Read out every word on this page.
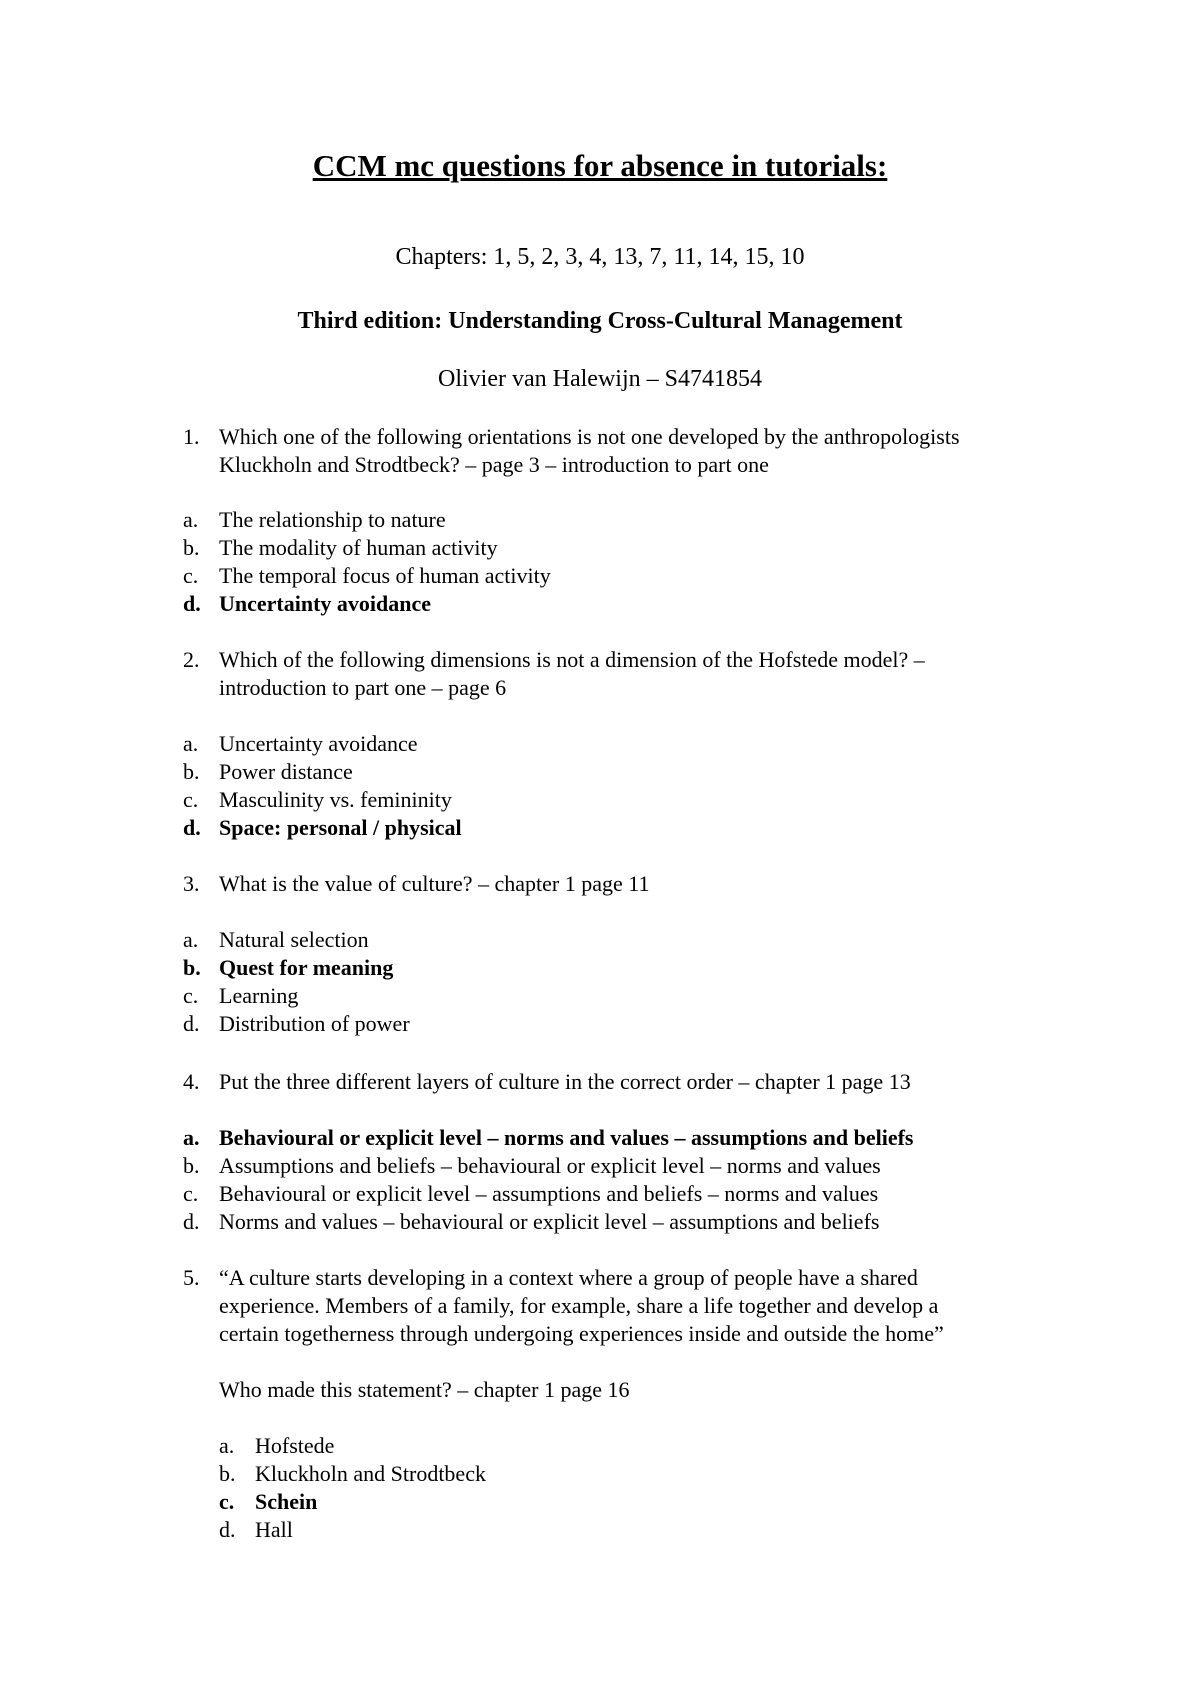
CCM mc questions for absence in tutorials:
Chapters: 1, 5, 2, 3, 4, 13, 7, 11, 14, 15, 10
Third edition: Understanding Cross-Cultural Management
Olivier van Halewijn – S4741854
1. Which one of the following orientations is not one developed by the anthropologists
Kluckholn and Strodtbeck? – page 3 – introduction to part one
a. The relationship to nature
b. The modality of human activity
c. The temporal focus of human activity
d. Uncertainty avoidance
2. Which of the following dimensions is not a dimension of the Hofstede model? –
introduction to part one – page 6
a. Uncertainty avoidance
b. Power distance
c. Masculinity vs. femininity
d. Space: personal / physical
3. What is the value of culture? – chapter 1 page 11
a. Natural selection
b. Quest for meaning
c. Learning
d. Distribution of power
4. Put the three different layers of culture in the correct order – chapter 1 page 13
a. Behavioural or explicit level – norms and values – assumptions and beliefs
b. Assumptions and beliefs – behavioural or explicit level – norms and values
c. Behavioural or explicit level – assumptions and beliefs – norms and values
d. Norms and values – behavioural or explicit level – assumptions and beliefs
5. “A culture starts developing in a context where a group of people have a shared
experience. Members of a family, for example, share a life together and develop a
certain togetherness through undergoing experiences inside and outside the home”
Who made this statement? – chapter 1 page 16
a. Hofstede
b. Kluckholn and Strodtbeck
c. Schein
d. Hall
